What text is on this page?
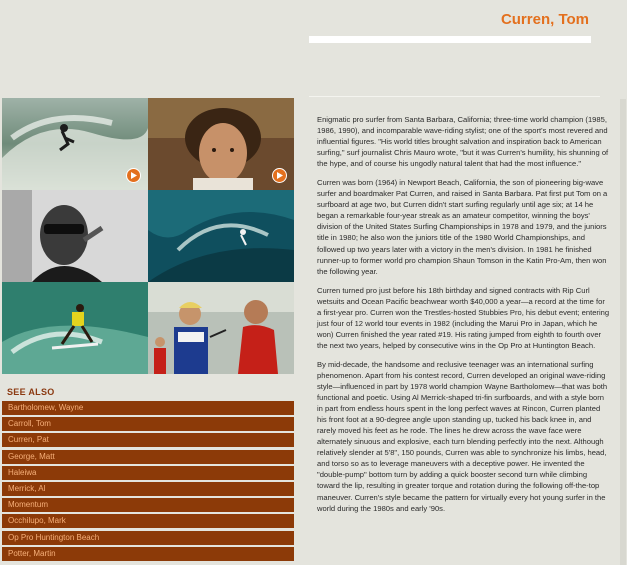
Curren, Tom
SEE ALSO
Bartholomew, Wayne
Carroll, Tom
Curren, Pat
George, Matt
Haleiwa
Merrick, Al
Momentum
Occhilupo, Mark
Op Pro Huntington Beach
Potter, Martin

Enigmatic pro surfer from Santa Barbara, California; three-time world champion (1985, 1986, 1990), and incomparable wave-riding stylist; one of the sport's most revered and influential figures. "His world titles brought salvation and inspiration back to American surfing," surf journalist Chris Mauro wrote, "but it was Curren's humility, his shunning of the hype, and of course his ungodly natural talent that had the most influence."

Curren was born (1964) in Newport Beach, California, the son of pioneering big-wave surfer and boardmaker Pat Curren, and raised in Santa Barbara. Pat first put Tom on a surfboard at age two, but Curren didn't start surfing regularly until age six; at 14 he began a remarkable four-year streak as an amateur competitor, winning the boys' division of the United States Surfing Championships in 1978 and 1979, and the juniors title in 1980; he also won the juniors title of the 1980 World Championships, and followed up two years later with a victory in the men's division. In 1981 he finished runner-up to former world pro champion Shaun Tomson in the Katin Pro-Am, then won the following year.

Curren turned pro just before his 18th birthday and signed contracts with Rip Curl wetsuits and Ocean Pacific beachwear worth $40,000 a year—a record at the time for a first-year pro. Curren won the Trestles-hosted Stubbies Pro, his debut event; entering just four of 12 world tour events in 1982 (including the Marui Pro in Japan, which he won) Curren finished the year rated #19. His rating jumped from eighth to fourth over the next two years, helped by consecutive wins in the Op Pro at Huntington Beach.

By mid-decade, the handsome and reclusive teenager was an international surfing phenomenon. Apart from his contest record, Curren developed an original wave-riding style—influenced in part by 1978 world champion Wayne Bartholomew—that was both functional and poetic. Using Al Merrick-shaped tri-fin surfboards, and with a style born in part from endless hours spent in the long perfect waves at Rincon, Curren planted his front foot at a 90-degree angle upon standing up, tucked his back knee in, and rarely moved his feet as he rode. The lines he drew across the wave face were alternately sinuous and explosive, each turn blending perfectly into the next. Although relatively slender at 5'8", 150 pounds, Curren was able to synchronize his limbs, head, and torso so as to leverage maneuvers with a deceptive power. He invented the "double-pump" bottom turn by adding a quick booster second turn while climbing toward the lip, resulting in greater torque and rotation during the following off-the-top maneuver. Curren's style became the pattern for virtually every hot young surfer in the world during the 1980s and early '90s.
